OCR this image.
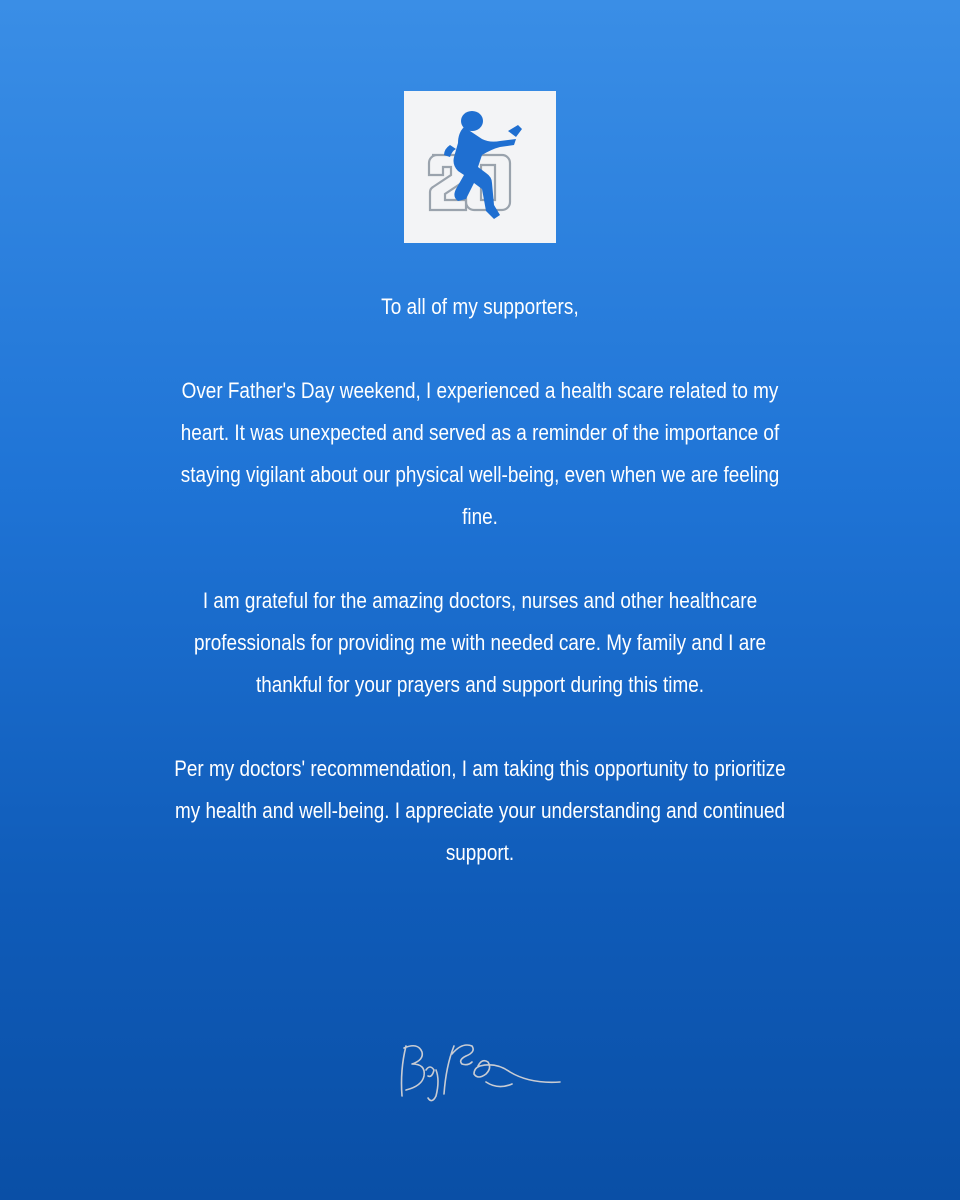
To all of my supporters,

Over Father's Day weekend, I experienced a health scare related to my heart. It was unexpected and served as a reminder of the importance of staying vigilant about our physical well-being, even when we are feeling fine.

I am grateful for the amazing doctors, nurses and other healthcare professionals for providing me with needed care. My family and I are thankful for your prayers and support during this time.

Per my doctors' recommendation, I am taking this opportunity to prioritize my health and well-being. I appreciate your understanding and continued support.
